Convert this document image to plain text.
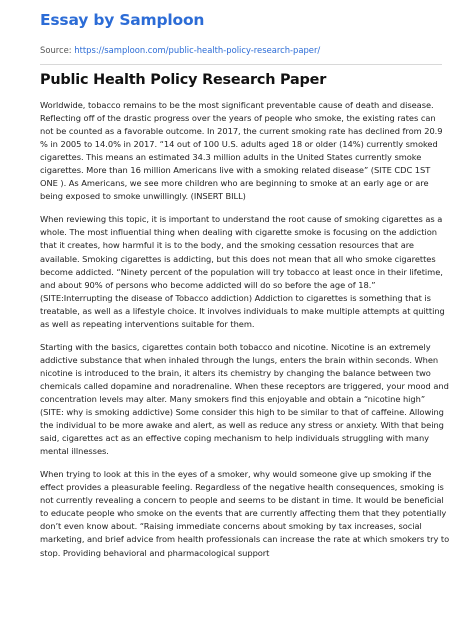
Essay by Samploon
Source: https://samploon.com/public-health-policy-research-paper/
Public Health Policy Research Paper

Worldwide, tobacco remains to be the most significant preventable cause of death and disease. Reflecting off of the drastic progress over the years of people who smoke, the existing rates can not be counted as a favorable outcome. In 2017, the current smoking rate has declined from 20.9 % in 2005 to 14.0% in 2017. “14 out of 100 U.S. adults aged 18 or older (14%) currently smoked cigarettes. This means an estimated 34.3 million adults in the United States currently smoke cigarettes. More than 16 million Americans live with a smoking related disease” (SITE CDC 1ST ONE ). As Americans, we see more children who are beginning to smoke at an early age or are being exposed to smoke unwillingly. (INSERT BILL)

When reviewing this topic, it is important to understand the root cause of smoking cigarettes as a whole. The most influential thing when dealing with cigarette smoke is focusing on the addiction that it creates, how harmful it is to the body, and the smoking cessation resources that are available. Smoking cigarettes is addicting, but this does not mean that all who smoke cigarettes become addicted. “Ninety percent of the population will try tobacco at least once in their lifetime, and about 90% of persons who become addicted will do so before the age of 18.” (SITE:Interrupting the disease of Tobacco addiction) Addiction to cigarettes is something that is treatable, as well as a lifestyle choice. It involves individuals to make multiple attempts at quitting as well as repeating interventions suitable for them.

Starting with the basics, cigarettes contain both tobacco and nicotine. Nicotine is an extremely addictive substance that when inhaled through the lungs, enters the brain within seconds. When nicotine is introduced to the brain, it alters its chemistry by changing the balance between two chemicals called dopamine and noradrenaline. When these receptors are triggered, your mood and concentration levels may alter. Many smokers find this enjoyable and obtain a “nicotine high” (SITE: why is smoking addictive) Some consider this high to be similar to that of caffeine. Allowing the individual to be more awake and alert, as well as reduce any stress or anxiety. With that being said, cigarettes act as an effective coping mechanism to help individuals struggling with many mental illnesses.

When trying to look at this in the eyes of a smoker, why would someone give up smoking if the effect provides a pleasurable feeling. Regardless of the negative health consequences, smoking is not currently revealing a concern to people and seems to be distant in time. It would be beneficial to educate people who smoke on the events that are currently affecting them that they potentially don’t even know about. “Raising immediate concerns about smoking by tax increases, social marketing, and brief advice from health professionals can increase the rate at which smokers try to stop. Providing behavioral and pharmacological support
